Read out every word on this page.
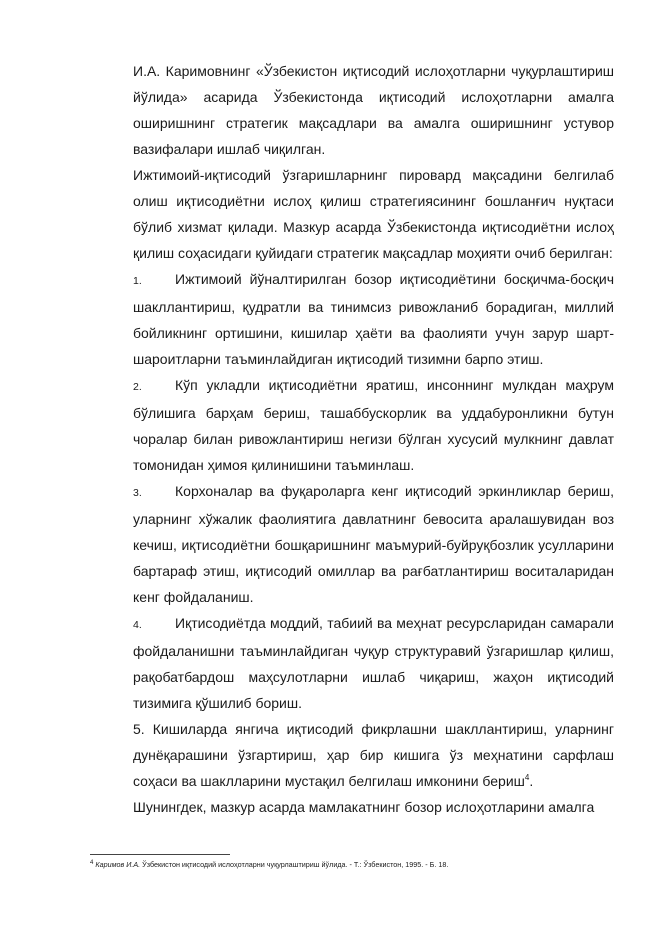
И.А. Каримовнинг «Ўзбекистон иқтисодий ислоҳотларни чуқурлаштириш йўлида» асарида Ўзбекистонда иқтисодий ислоҳотларни амалга оширишнинг стратегик мақсадлари ва амалга оширишнинг устувор вазифалари ишлаб чиқилган.

Ижтимоий-иқтисодий ўзгаришларнинг пировард мақсадини белгилаб олиш иқтисодиётни ислоҳ қилиш стратегиясининг бошланғич нуқтаси бўлиб хизмат қилади. Мазкур асарда Ўзбекистонда иқтисодиётни ислоҳ қилиш соҳасидаги қуйидаги стратегик мақсадлар моҳияти очиб берилган:

1. Ижтимоий йўналтирилган бозор иқтисодиётини босқичма-босқич шакллантириш, қудратли ва тинимсиз ривожланиб борадиган, миллий бойликнинг ортишини, кишилар ҳаёти ва фаолияти учун зарур шарт-шароитларни таъминлайдиган иқтисодий тизимни барпо этиш.

2. Кўп укладли иқтисодиётни яратиш, инсоннинг мулкдан маҳрум бўлишига барҳам бериш, ташаббускорлик ва уддабуронликни бутун чоралар билан ривожлантириш негизи бўлган хусусий мулкнинг давлат томонидан ҳимоя қилинишини таъминлаш.

3. Корхоналар ва фуқароларга кенг иқтисодий эркинликлар бериш, уларнинг хўжалик фаолиятига давлатнинг бевосита аралашувидан воз кечиш, иқтисодиётни бошқаришнинг маъмурий-буйруқбозлик усулларини бартараф этиш, иқтисодий омиллар ва рағбатлантириш воситаларидан кенг фойдаланиш.

4. Иқтисодиётда моддий, табиий ва меҳнат ресурсларидан самарали фойдаланишни таъминлайдиган чуқур структуравий ўзгаришлар қилиш, рақобатбардош маҳсулотларни ишлаб чиқариш, жаҳон иқтисодий тизимига қўшилиб бориш.

5. Кишиларда янгича иқтисодий фикрлашни шакллантириш, уларнинг дунёқарашини ўзгартириш, ҳар бир кишига ўз меҳнатини сарфлаш соҳаси ва шаклларини мустақил белгилаш имконини бериш$^4$.

Шунингдек, мазкур асарда мамлакатнинг бозор ислоҳотларини амалга

$^4$ Каримов И.А. Ўзбекистон иқтисодий ислоҳотларни чуқурлаштириш йўлида. - Т.: Ўзбекистон, 1995. - Б. 18.
